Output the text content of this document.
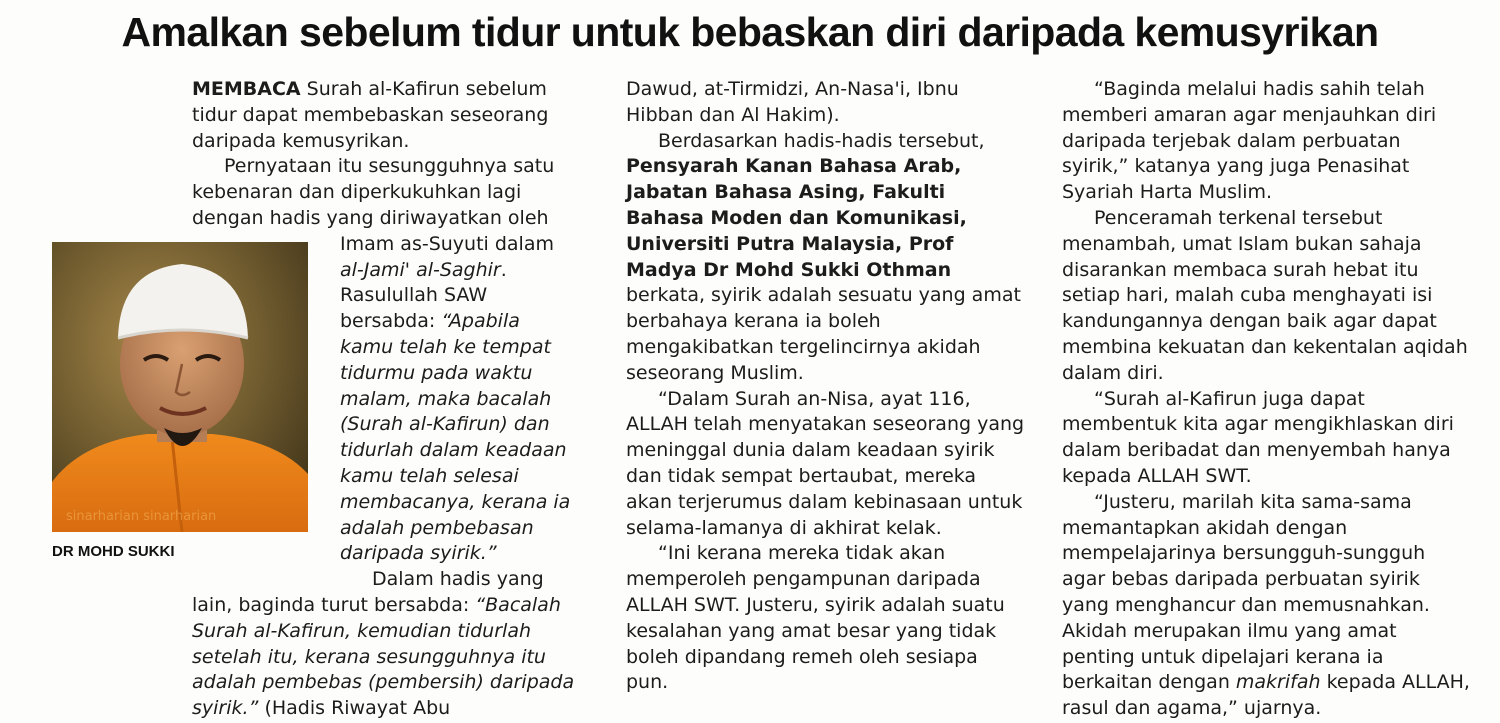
Amalkan sebelum tidur untuk bebaskan diri daripada kemusyrikan
sinarharian sinarharian
DR MOHD SUKKI

MEMBACA Surah al-Kafirun sebelum tidur dapat membebaskan seseorang daripada kemusyrikan.

Pernyataan itu sesungguhnya satu

kebenaran dan diperkukuhkan lagi

dengan hadis yang diriwayatkan oleh

Imam as-Suyuti dalam

al-Jami' al-Saghir.

Rasulullah SAW

bersabda: “Apabila

kamu telah ke tempat

tidurmu pada waktu

malam, maka bacalah

(Surah al-Kafirun) dan

tidurlah dalam keadaan

kamu telah selesai

membacanya, kerana ia

adalah pembebasan

daripada syirik.”

Dalam hadis yang

lain, baginda turut bersabda: “Bacalah Surah al-Kafirun, kemudian tidurlah setelah itu, kerana sesungguhnya itu adalah pembebas (pembersih) daripada syirik.” (Hadis Riwayat Abu

Dawud, at-Tirmidzi, An-Nasa'i, Ibnu Hibban dan Al Hakim).

Berdasarkan hadis-hadis tersebut,
Pensyarah Kanan Bahasa Arab, Jabatan Bahasa Asing, Fakulti Bahasa Moden dan Komunikasi, Universiti Putra Malaysia, Prof Madya Dr Mohd Sukki Othman berkata, syirik adalah sesuatu yang amat berbahaya kerana ia boleh mengakibatkan tergelincirnya akidah seseorang Muslim.

“Dalam Surah an-Nisa, ayat 116, ALLAH telah menyatakan seseorang yang meninggal dunia dalam keadaan syirik dan tidak sempat bertaubat, mereka akan terjerumus dalam kebinasaan untuk selama-lamanya di akhirat kelak.

“Ini kerana mereka tidak akan memperoleh pengampunan daripada ALLAH SWT. Justeru, syirik adalah suatu kesalahan yang amat besar yang tidak boleh dipandang remeh oleh sesiapa pun.

“Baginda melalui hadis sahih telah memberi amaran agar menjauhkan diri daripada terjebak dalam perbuatan syirik,” katanya yang juga Penasihat Syariah Harta Muslim.

Penceramah terkenal tersebut menambah, umat Islam bukan sahaja disarankan membaca surah hebat itu setiap hari, malah cuba menghayati isi kandungannya dengan baik agar dapat membina kekuatan dan kekentalan aqidah dalam diri.

“Surah al-Kafirun juga dapat membentuk kita agar mengikhlaskan diri dalam beribadat dan menyembah hanya kepada ALLAH SWT.

“Justeru, marilah kita sama-sama memantapkan akidah dengan mempelajarinya bersungguh-sungguh agar bebas daripada perbuatan syirik yang menghancur dan memusnahkan. Akidah merupakan ilmu yang amat penting untuk dipelajari kerana ia berkaitan dengan makrifah kepada ALLAH, rasul dan agama,” ujarnya.
